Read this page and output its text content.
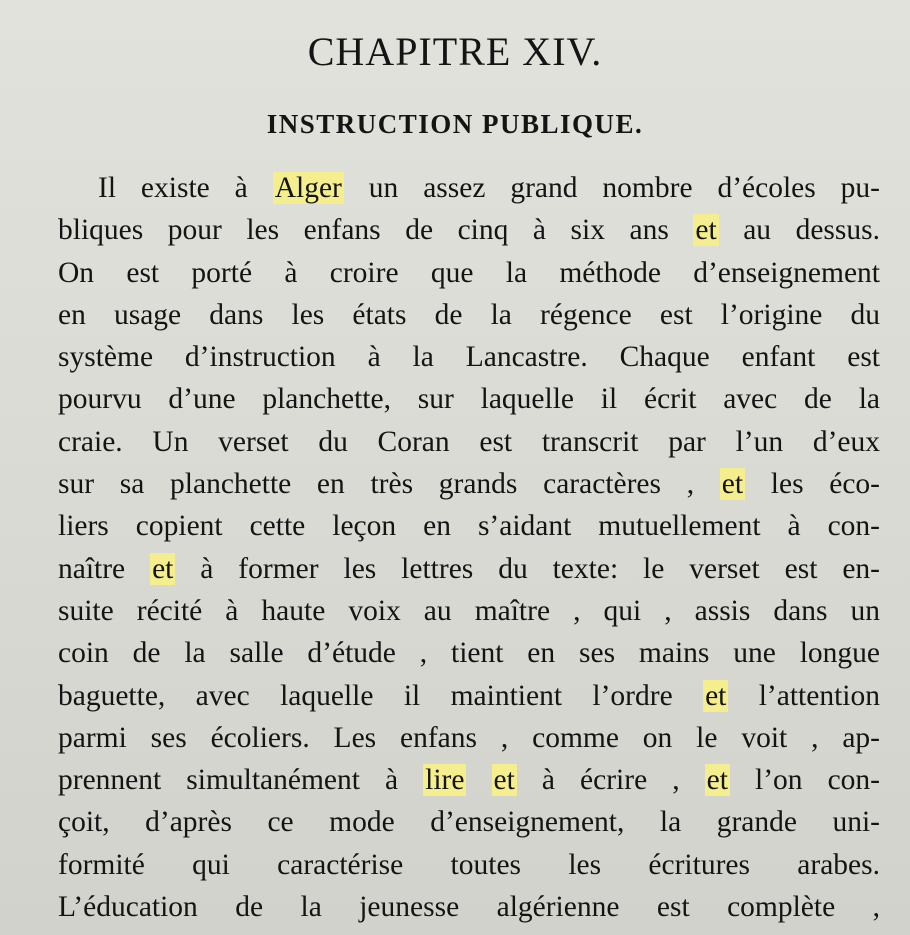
CHAPITRE XIV.
INSTRUCTION PUBLIQUE.
Il existe à Alger un assez grand nombre d’écoles pu-
bliques pour les enfans de cinq à six ans et au dessus.
On est porté à croire que la méthode d’enseignement
en usage dans les états de la régence est l’origine du
système d’instruction à la Lancastre. Chaque enfant est
pourvu d’une planchette, sur laquelle il écrit avec de la
craie. Un verset du Coran est transcrit par l’un d’eux
sur sa planchette en très grands caractères , et les éco-
liers copient cette leçon en s’aidant mutuellement à con-
naître et à former les lettres du texte: le verset est en-
suite récité à haute voix au maître , qui , assis dans un
coin de la salle d’étude , tient en ses mains une longue
baguette, avec laquelle il maintient l’ordre et l’attention
parmi ses écoliers. Les enfans , comme on le voit , ap-
prennent simultanément à lire et à écrire , et l’on con-
çoit, d’après ce mode d’enseignement, la grande uni-
formité qui caractérise toutes les écritures arabes.
L’éducation de la jeunesse algérienne est complète ,
